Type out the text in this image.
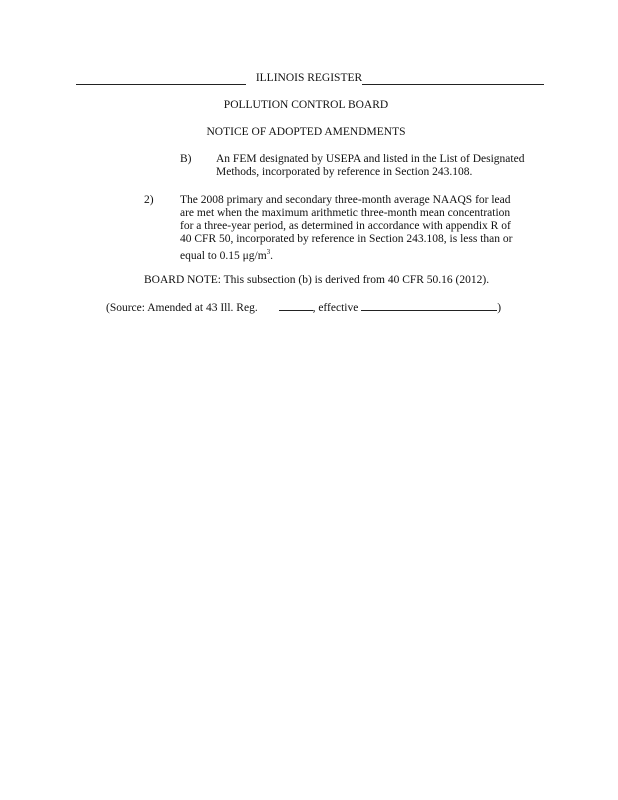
ILLINOIS REGISTER
POLLUTION CONTROL BOARD
NOTICE OF ADOPTED AMENDMENTS
B) An FEM designated by USEPA and listed in the List of Designated
Methods, incorporated by reference in Section 243.108.
2) The 2008 primary and secondary three-month average NAAQS for lead
are met when the maximum arithmetic three-month mean concentration
for a three-year period, as determined in accordance with appendix R of
40 CFR 50, incorporated by reference in Section 243.108, is less than or
equal to 0.15 $\mu g/m^3$.
BOARD NOTE: This subsection (b) is derived from 40 CFR 50.16 (2012).
(Source: Amended at 43 Ill. Reg.	, effective	)
